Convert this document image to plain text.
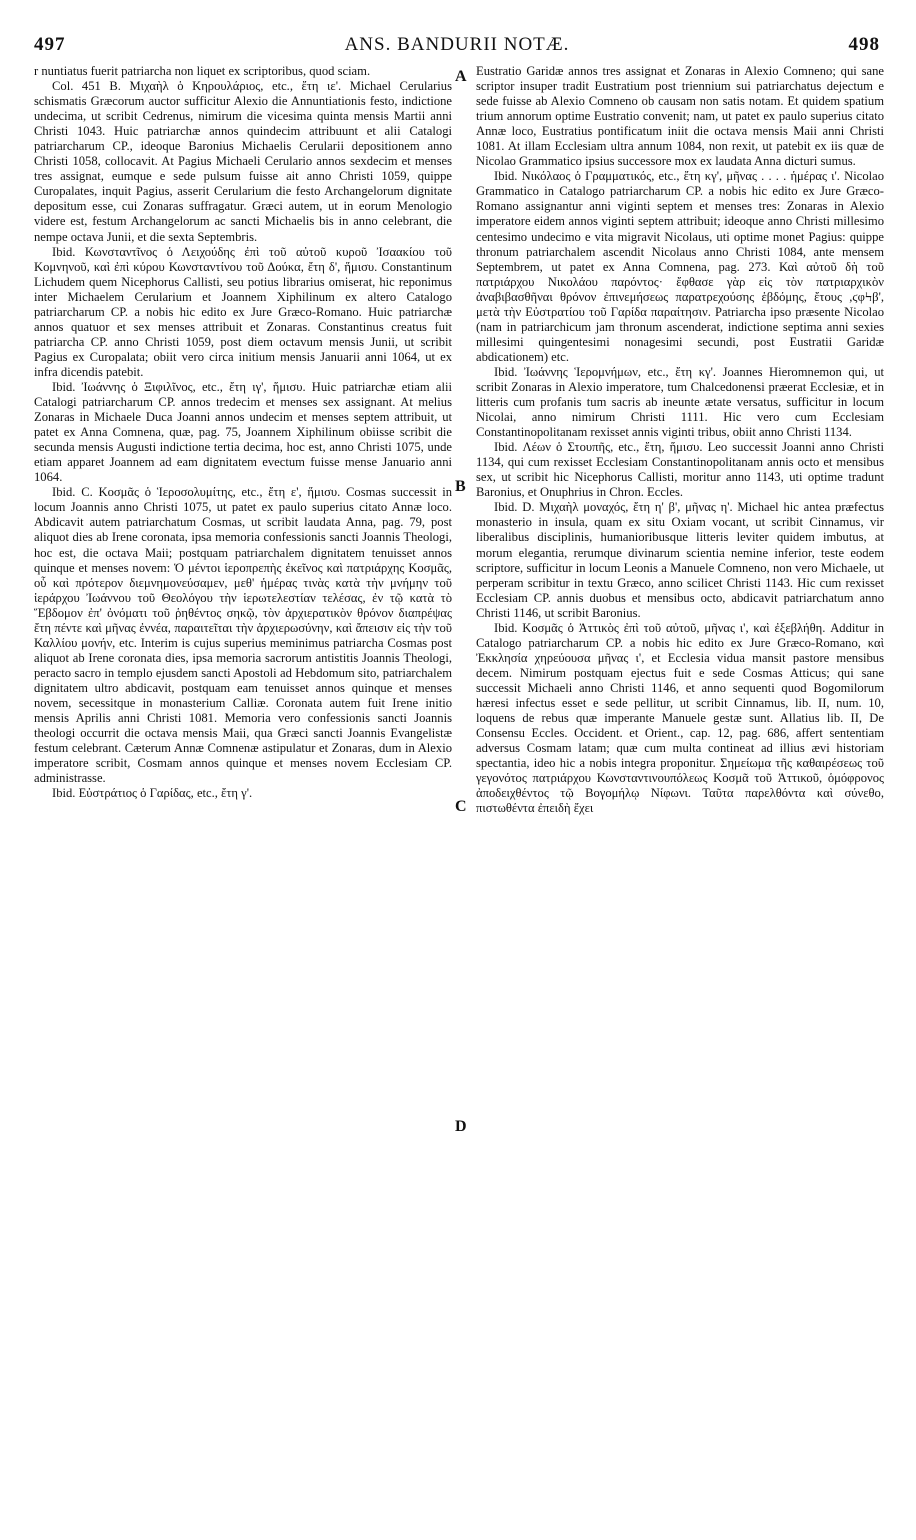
497	ANS. BANDURII NOTÆ.	498

r nuntiatus fuerit patriarcha non liquet ex scriptoribus, quod sciam.

Col. 451 B. Μιχαὴλ ὁ Κηρουλάριος, etc., ἔτη ιε'. Michael Cerularius schismatis Græcorum auctor sufficitur Alexio die Annuntiationis festo, indictione undecima, ut scribit Cedrenus, nimirum die vicesima quinta mensis Martii anni Christi 1043. Huic patriarchæ annos quindecim attribuunt et alii Catalogi patriarcharum CP., ideoque Baronius Michaelis Cerularii depositionem anno Christi 1058, collocavit. At Pagius Michaeli Cerulario annos sexdecim et menses tres assignat, eumque e sede pulsum fuisse ait anno Christi 1059, quippe Curopalates, inquit Pagius, asserit Cerularium die festo Archangelorum dignitate depositum esse, cui Zonaras suffragatur. Græci autem, ut in eorum Menologio videre est, festum Archangelorum ac sancti Michaelis bis in anno celebrant, die nempe octava Junii, et die sexta Septembris.

Ibid. Κωνσταντῖνος ὁ Λειχούδης ἐπὶ τοῦ αὐτοῦ κυροῦ Ἰσαακίου τοῦ Κομνηνοῦ, καὶ ἐπὶ κύρου Κωνσταντίνου τοῦ Δούκα, ἔτη δ', ἥμισυ. Constantinum Lichudem quem Nicephorus Callisti, seu potius librarius omiserat, hic reponimus inter Michaelem Cerularium et Joannem Xiphilinum ex altero Catalogo patriarcharum CP. a nobis hic edito ex Jure Græco-Romano. Huic patriarchæ annos quatuor et sex menses attribuit et Zonaras. Constantinus creatus fuit patriarcha CP. anno Christi 1059, post diem octavum mensis Junii, ut scribit Pagius ex Curopalata; obiit vero circa initium mensis Januarii anni 1064, ut ex infra dicendis patebit.

Ibid. Ἰωάννης ὁ Ξιφιλῖνος, etc., ἔτη ιγ', ἥμισυ. Huic patriarchæ etiam alii Catalogi patriarcharum CP. annos tredecim et menses sex assignant. At melius Zonaras in Michaele Duca Joanni annos undecim et menses septem attribuit, ut patet ex Anna Comnena, quæ, pag. 75, Joannem Xiphilinum obiisse scribit die secunda mensis Augusti indictione tertia decima, hoc est, anno Christi 1075, unde etiam apparet Joannem ad eam dignitatem evectum fuisse mense Januario anni 1064.

Ibid. C. Κοσμᾶς ὁ Ἱεροσολυμίτης, etc., ἔτη ε', ἥμισυ. Cosmas successit in locum Joannis anno Christi 1075, ut patet ex paulo superius citato Annæ loco. Abdicavit autem patriarchatum Cosmas, ut scribit laudata Anna, pag. 79, post aliquot dies ab Irene coronata, ipsa memoria confessionis sancti Joannis Theologi, hoc est, die octava Maii; postquam patriarchalem dignitatem tenuisset annos quinque et menses novem: Ὁ μέντοι ἱεροπρεπὴς ἐκεῖνος καὶ πατριάρχης Κοσμᾶς, οὗ καὶ πρότερον διεμνημονεύσαμεν, μεθ' ἡμέρας τινὰς κατὰ τὴν μνήμην τοῦ ἱεράρχου Ἰωάννου τοῦ Θεολόγου τὴν ἱερωτελεστίαν τελέσας, ἐν τῷ κατὰ τὸ Ἕβδομον ἐπ' ὀνόματι τοῦ ῥηθέντος σηκῷ, τὸν ἀρχιερατικὸν θρόνον διαπρέψας ἔτη πέντε καὶ μῆνας ἐννέα, παραιτεῖται τὴν ἀρχιερωσύνην, καὶ ἄπεισιν εἰς τὴν τοῦ Καλλίου μονήν, etc. Interim is cujus superius meminimus patriarcha Cosmas post aliquot ab Irene coronata dies, ipsa memoria sacrorum antistitis Joannis Theologi, peracto sacro in templo ejusdem sancti Apostoli ad Hebdomum sito, patriarchalem dignitatem ultro abdicavit, postquam eam tenuisset annos quinque et menses novem, secessitque in monasterium Calliæ. Coronata autem fuit Irene initio mensis Aprilis anni Christi 1081. Memoria vero confessionis sancti Joannis theologi occurrit die octava mensis Maii, qua Græci sancti Joannis Evangelistæ festum celebrant. Cæterum Annæ Comnenæ astipulatur et Zonaras, dum in Alexio imperatore scribit, Cosmam annos quinque et menses novem Ecclesiam CP. administrasse.

Ibid. Εὐστράτιος ὁ Γαρίδας, etc., ἔτη γ'.

A
B
C
D

Eustratio Garidæ annos tres assignat et Zonaras in Alexio Comneno; qui sane scriptor insuper tradit Eustratium post triennium sui patriarchatus dejectum e sede fuisse ab Alexio Comneno ob causam non satis notam. Et quidem spatium trium annorum optime Eustratio convenit; nam, ut patet ex paulo superius citato Annæ loco, Eustratius pontificatum iniit die octava mensis Maii anni Christi 1081. At illam Ecclesiam ultra annum 1084, non rexit, ut patebit ex iis quæ de Nicolao Grammatico ipsius successore mox ex laudata Anna dicturi sumus.

Ibid. Νικόλαος ὁ Γραμματικός, etc., ἔτη κγ', μῆνας . . . . ἡμέρας ι'. Nicolao Grammatico in Catalogo patriarcharum CP. a nobis hic edito ex Jure Græco-Romano assignantur anni viginti septem et menses tres: Zonaras in Alexio imperatore eidem annos viginti septem attribuit; ideoque anno Christi millesimo centesimo undecimo e vita migravit Nicolaus, uti optime monet Pagius: quippe thronum patriarchalem ascendit Nicolaus anno Christi 1084, ante mensem Septembrem, ut patet ex Anna Comnena, pag. 273. Καὶ αὐτοῦ δὴ τοῦ πατριάρχου Νικολάου παρόντος· ἔφθασε γὰρ εἰς τὸν πατριαρχικὸν ἀναβιβασθῆναι θρόνον ἐπινεμήσεως παρατρεχούσης ἑβδόμης, ἔτους ,ϛφϞβ', μετὰ τὴν Εὐστρατίου τοῦ Γαρίδα παραίτησιν. Patriarcha ipso præsente Nicolao (nam in patriarchicum jam thronum ascenderat, indictione septima anni sexies millesimi quingentesimi nonagesimi secundi, post Eustratii Garidæ abdicationem) etc.

Ibid. Ἰωάννης Ἱερομνήμων, etc., ἔτη κγ'. Joannes Hieromnemon qui, ut scribit Zonaras in Alexio imperatore, tum Chalcedonensi præerat Ecclesiæ, et in litteris cum profanis tum sacris ab ineunte ætate versatus, sufficitur in locum Nicolai, anno nimirum Christi 1111. Hic vero cum Ecclesiam Constantinopolitanam rexisset annis viginti tribus, obiit anno Christi 1134.

Ibid. Λέων ὁ Στουπῆς, etc., ἔτη, ἥμισυ. Leo successit Joanni anno Christi 1134, qui cum rexisset Ecclesiam Constantinopolitanam annis octo et mensibus sex, ut scribit hic Nicephorus Callisti, moritur anno 1143, uti optime tradunt Baronius, et Onuphrius in Chron. Eccles.

Ibid. D. Μιχαὴλ μοναχός, ἔτη η' β', μῆνας η'. Michael hic antea præfectus monasterio in insula, quam ex situ Oxiam vocant, ut scribit Cinnamus, vir liberalibus disciplinis, humanioribusque litteris leviter quidem imbutus, at morum elegantia, rerumque divinarum scientia nemine inferior, teste eodem scriptore, sufficitur in locum Leonis a Manuele Comneno, non vero Michaele, ut perperam scribitur in textu Græco, anno scilicet Christi 1143. Hic cum rexisset Ecclesiam CP. annis duobus et mensibus octo, abdicavit patriarchatum anno Christi 1146, ut scribit Baronius.

Ibid. Κοσμᾶς ὁ Ἀττικὸς ἐπὶ τοῦ αὐτοῦ, μῆνας ι', καὶ ἐξεβλήθη. Additur in Catalogo patriarcharum CP. a nobis hic edito ex Jure Græco-Romano, καὶ Ἐκκλησία χηρεύουσα μῆνας ι', et Ecclesia vidua mansit pastore mensibus decem. Nimirum postquam ejectus fuit e sede Cosmas Atticus; qui sane successit Michaeli anno Christi 1146, et anno sequenti quod Bogomilorum hæresi infectus esset e sede pellitur, ut scribit Cinnamus, lib. II, num. 10, loquens de rebus quæ imperante Manuele gestæ sunt. Allatius lib. II, De Consensu Eccles. Occident. et Orient., cap. 12, pag. 686, affert sententiam adversus Cosmam latam; quæ cum multa contineat ad illius ævi historiam spectantia, ideo hic a nobis integra proponitur. Σημείωμα τῆς καθαιρέσεως τοῦ γεγονότος πατριάρχου Κωνσταντινουπόλεως Κοσμᾶ τοῦ Ἀττικοῦ, ὁμόφρονος ἀποδειχθέντος τῷ Βογομήλῳ Νίφωνι. Ταῦτα παρελθόντα καὶ σύνεθο, πιστωθέντα ἐπειδὴ ἔχει
